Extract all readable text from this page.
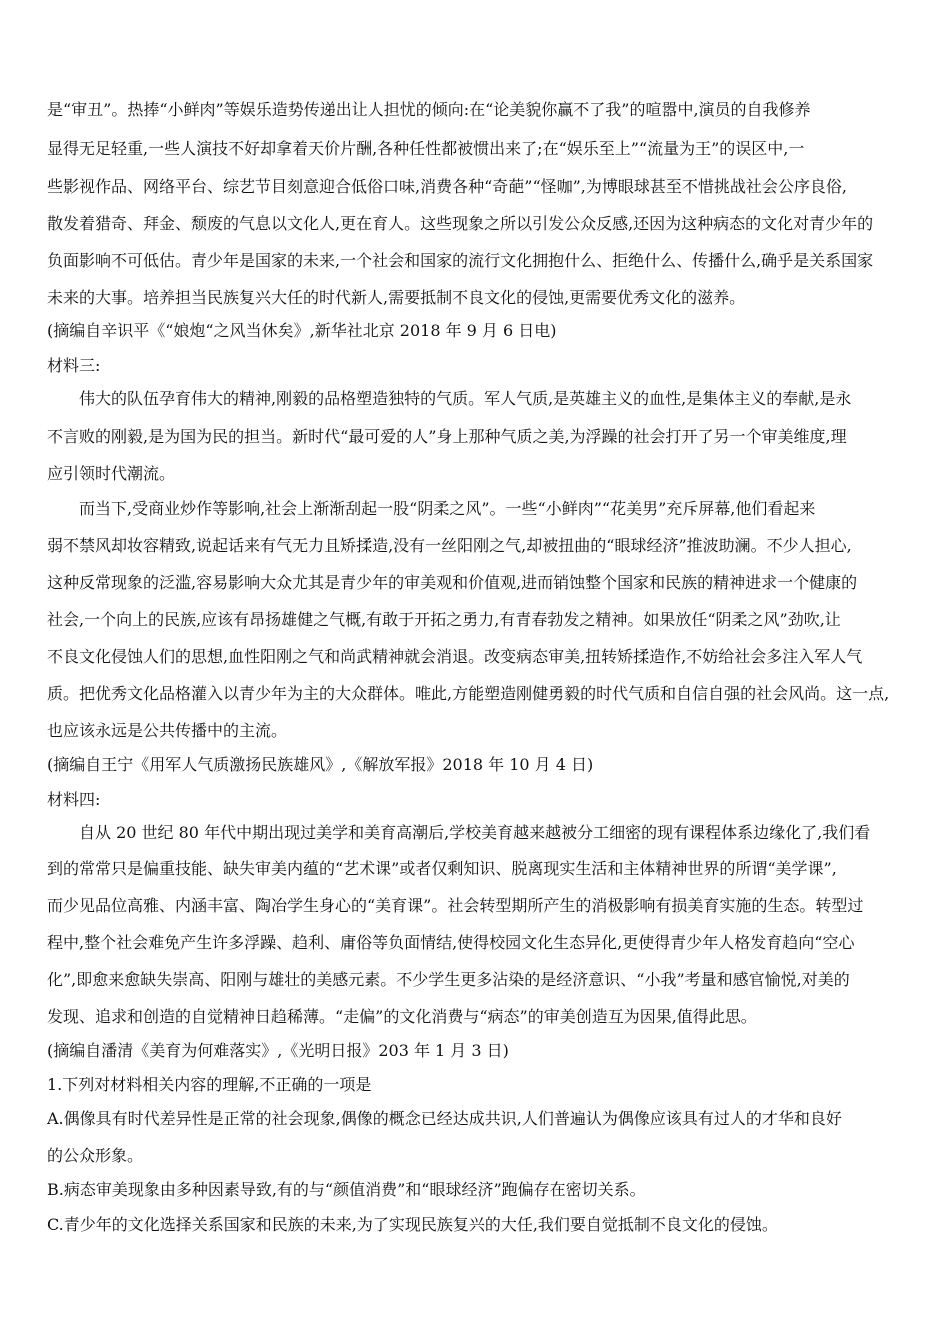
是“审丑”。热捧“小鲜肉”等娱乐造势传递出让人担忧的倾向:在“论美貌你赢不了我”的喧嚣中,演员的自我修养
显得无足轻重,一些人演技不好却拿着天价片酬,各种任性都被惯出来了;在“娱乐至上”“流量为王”的误区中,一
些影视作品、网络平台、综艺节目刻意迎合低俗口味,消费各种“奇葩”“怪咖”,为博眼球甚至不惜挑战社会公序良俗,
散发着猎奇、拜金、颓废的气息以文化人,更在育人。这些现象之所以引发公众反感,还因为这种病态的文化对青少年的
负面影响不可低估。青少年是国家的未来,一个社会和国家的流行文化拥抱什么、拒绝什么、传播什么,确乎是关系国家
未来的大事。培养担当民族复兴大任的时代新人,需要抵制不良文化的侵蚀,更需要优秀文化的滋养。
(摘编自辛识平《“娘炮“之风当休矣》,新华社北京 2018 年 9 月 6 日电)
材料三:
伟大的队伍孕育伟大的精神,刚毅的品格塑造独特的气质。军人气质,是英雄主义的血性,是集体主义的奉献,是永
不言败的刚毅,是为国为民的担当。新时代“最可爱的人”身上那种气质之美,为浮躁的社会打开了另一个审美维度,理
应引领时代潮流。
而当下,受商业炒作等影响,社会上渐渐刮起一股“阴柔之风”。一些“小鲜肉”“花美男”充斥屏幕,他们看起来
弱不禁风却妆容精致,说起话来有气无力且矫揉造,没有一丝阳刚之气,却被扭曲的“眼球经济”推波助澜。不少人担心,
这种反常现象的泛滥,容易影响大众尤其是青少年的审美观和价值观,进而销蚀整个国家和民族的精神进求一个健康的
社会,一个向上的民族,应该有昂扬雄健之气概,有敢于开拓之勇力,有青春勃发之精神。如果放任“阴柔之风”劲吹,让
不良文化侵蚀人们的思想,血性阳刚之气和尚武精神就会消退。改变病态审美,扭转矫揉造作,不妨给社会多注入军人气
质。把优秀文化品格灌入以青少年为主的大众群体。唯此,方能塑造刚健勇毅的时代气质和自信自强的社会风尚。这一点,
也应该永远是公共传播中的主流。
(摘编自王宁《用军人气质激扬民族雄风》,《解放军报》2018 年 10 月 4 日)
材料四:
自从 20 世纪 80 年代中期出现过美学和美育高潮后,学校美育越来越被分工细密的现有课程体系边缘化了,我们看
到的常常只是偏重技能、缺失审美内蕴的“艺术课”或者仅剩知识、脱离现实生活和主体精神世界的所谓“美学课”,
而少见品位高雅、内涵丰富、陶冶学生身心的“美育课”。社会转型期所产生的消极影响有损美育实施的生态。转型过
程中,整个社会难免产生许多浮躁、趋利、庸俗等负面情结,使得校园文化生态异化,更使得青少年人格发育趋向“空心
化”,即愈来愈缺失崇高、阳刚与雄壮的美感元素。不少学生更多沾染的是经济意识、“小我”考量和感官愉悦,对美的
发现、追求和创造的自觉精神日趋稀薄。“走偏”的文化消费与“病态”的审美创造互为因果,值得此思。
(摘编自潘清《美育为何难落实》,《光明日报》203 年 1 月 3 日)
1.下列对材料相关内容的理解,不正确的一项是
A.偶像具有时代差异性是正常的社会现象,偶像的概念已经达成共识,人们普遍认为偶像应该具有过人的才华和良好
的公众形象。
B.病态审美现象由多种因素导致,有的与“颜值消费”和“眼球经济”跑偏存在密切关系。
C.青少年的文化选择关系国家和民族的未来,为了实现民族复兴的大任,我们要自觉抵制不良文化的侵蚀。
